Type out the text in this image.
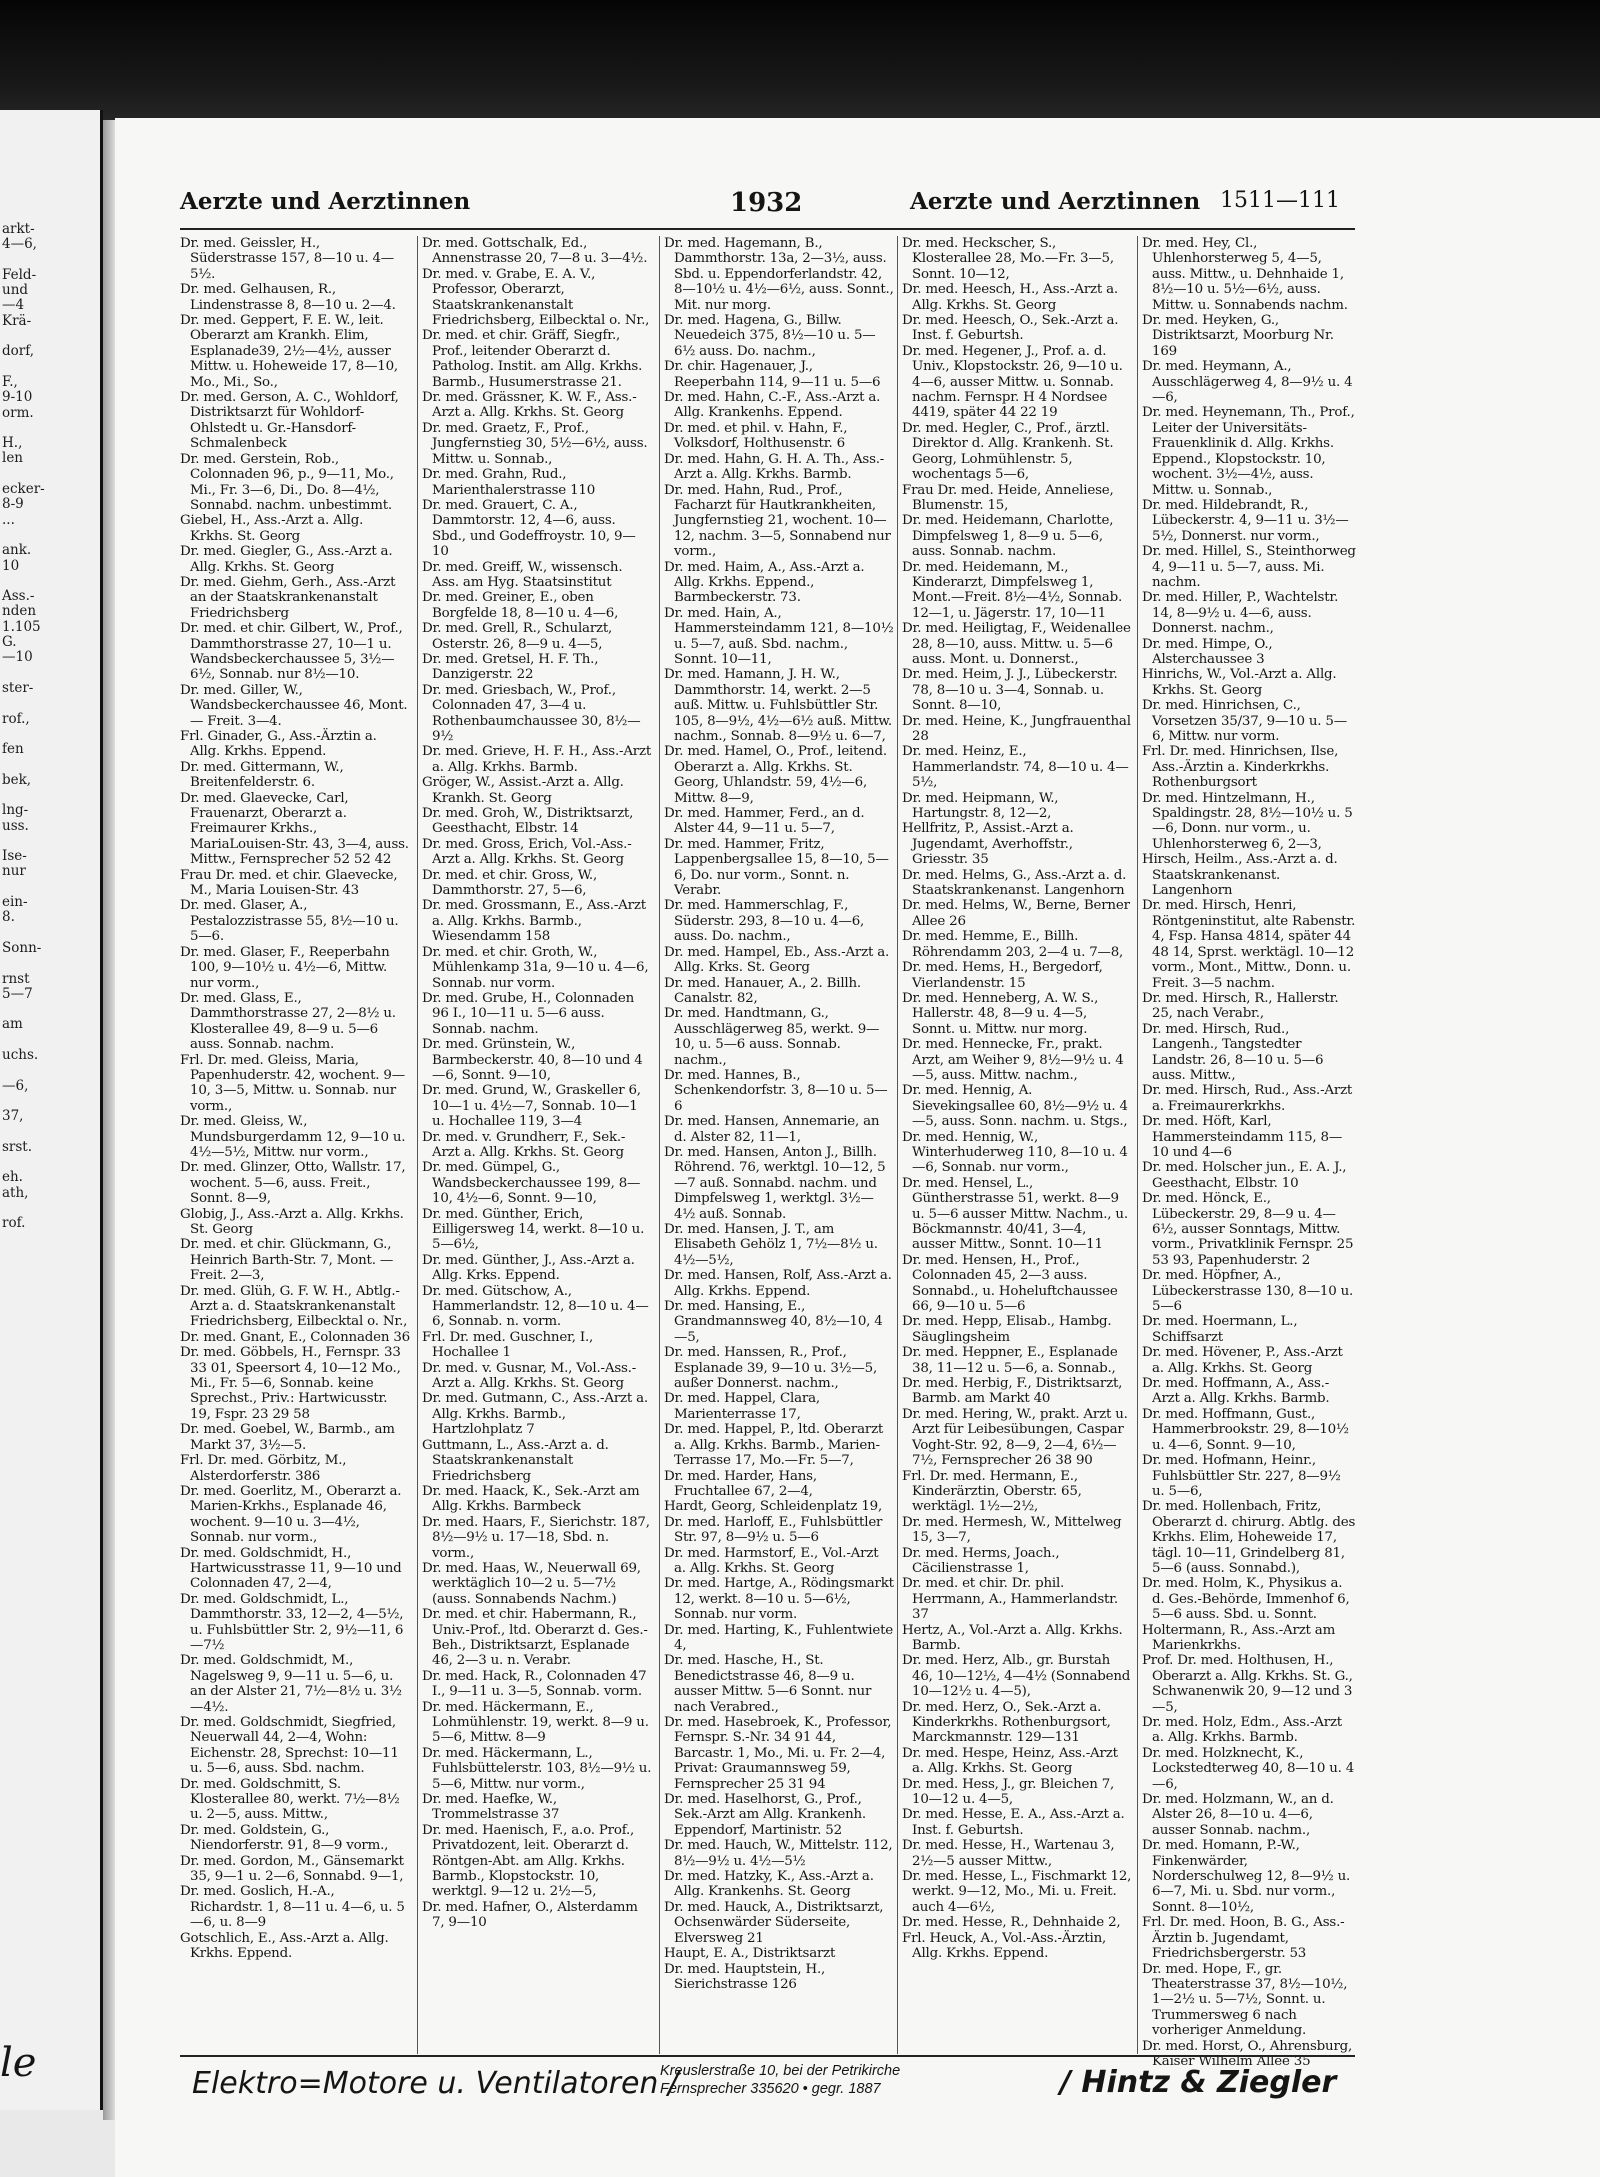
arkt-
4—6,

Feld-
und
—4
Krä-

dorf,

F.,
9-10
orm.

H.,
len

ecker-
8-9
...

ank.
10

Ass.-
nden
1.105
G.
—10

ster-

rof.,

fen

bek,

lng-
uss.

Ise-
nur

ein-
8.

Sonn-

rnst
5—7

am

uchs.

—6,

37,

srst.

eh.
ath,

rof.
le
Aerzte und Aerztinnen	1932	Aerzte und Aerztinnen 1511—111
Dr. med. Geissler, H., Süderstrasse 157, 8—10 u. 4—5½.
Dr. med. Gelhausen, R., Lindenstrasse 8, 8—10 u. 2—4.
Dr. med. Geppert, F. E. W., leit. Oberarzt am Krankh. Elim, Esplanade39, 2½—4½, ausser Mittw. u. Hoheweide 17, 8—10, Mo., Mi., So.,
Dr. med. Gerson, A. C., Wohldorf, Distriktsarzt für Wohldorf-Ohlstedt u. Gr.-Hansdorf-Schmalenbeck
Dr. med. Gerstein, Rob., Colonnaden 96, p., 9—11, Mo., Mi., Fr. 3—6, Di., Do. 8—4½, Sonnabd. nachm. unbestimmt.
Giebel, H., Ass.-Arzt a. Allg. Krkhs. St. Georg
Dr. med. Giegler, G., Ass.-Arzt a. Allg. Krkhs. St. Georg
Dr. med. Giehm, Gerh., Ass.-Arzt an der Staatskrankenanstalt Friedrichsberg
Dr. med. et chir. Gilbert, W., Prof., Dammthorstrasse 27, 10—1 u. Wandsbeckerchaussee 5, 3½—6½, Sonnab. nur 8½—10.
Dr. med. Giller, W., Wandsbeckerchaussee 46, Mont. — Freit. 3—4.
Frl. Ginader, G., Ass.-Ärztin a. Allg. Krkhs. Eppend.
Dr. med. Gittermann, W., Breitenfelderstr. 6.
Dr. med. Glaevecke, Carl, Frauenarzt, Oberarzt a. Freimaurer Krkhs., MariaLouisen-Str. 43, 3—4, auss. Mittw., Fernsprecher 52 52 42
Frau Dr. med. et chir. Glaevecke, M., Maria Louisen-Str. 43
Dr. med. Glaser, A., Pestalozzistrasse 55, 8½—10 u. 5—6.
Dr. med. Glaser, F., Reeperbahn 100, 9—10½ u. 4½—6, Mittw. nur vorm.,
Dr. med. Glass, E., Dammthorstrasse 27, 2—8½ u. Klosterallee 49, 8—9 u. 5—6 auss. Sonnab. nachm.
Frl. Dr. med. Gleiss, Maria, Papenhuderstr. 42, wochent. 9—10, 3—5, Mittw. u. Sonnab. nur vorm.,
Dr. med. Gleiss, W., Mundsburgerdamm 12, 9—10 u. 4½—5½, Mittw. nur vorm.,
Dr. med. Glinzer, Otto, Wallstr. 17, wochent. 5—6, auss. Freit., Sonnt. 8—9,
Globig, J., Ass.-Arzt a. Allg. Krkhs. St. Georg
Dr. med. et chir. Glückmann, G., Heinrich Barth-Str. 7, Mont. — Freit. 2—3,
Dr. med. Glüh, G. F. W. H., Abtlg.-Arzt a. d. Staatskrankenanstalt Friedrichsberg, Eilbecktal o. Nr.,
Dr. med. Gnant, E., Colonnaden 36
Dr. med. Göbbels, H., Fernspr. 33 33 01, Speersort 4, 10—12 Mo., Mi., Fr. 5—6, Sonnab. keine Sprechst., Priv.: Hartwicusstr. 19, Fspr. 23 29 58
Dr. med. Goebel, W., Barmb., am Markt 37, 3½—5.
Frl. Dr. med. Görbitz, M., Alsterdorferstr. 386
Dr. med. Goerlitz, M., Oberarzt a. Marien-Krkhs., Esplanade 46, wochent. 9—10 u. 3—4½, Sonnab. nur vorm.,
Dr. med. Goldschmidt, H., Hartwicusstrasse 11, 9—10 und Colonnaden 47, 2—4,
Dr. med. Goldschmidt, L., Dammthorstr. 33, 12—2, 4—5½, u. Fuhlsbüttler Str. 2, 9½—11, 6—7½
Dr. med. Goldschmidt, M., Nagelsweg 9, 9—11 u. 5—6, u. an der Alster 21, 7½—8½ u. 3½—4½.
Dr. med. Goldschmidt, Siegfried, Neuerwall 44, 2—4, Wohn: Eichenstr. 28, Sprechst: 10—11 u. 5—6, auss. Sbd. nachm.
Dr. med. Goldschmitt, S. Klosterallee 80, werkt. 7½—8½ u. 2—5, auss. Mittw.,
Dr. med. Goldstein, G., Niendorferstr. 91, 8—9 vorm.,
Dr. med. Gordon, M., Gänsemarkt 35, 9—1 u. 2—6, Sonnabd. 9—1,
Dr. med. Goslich, H.-A., Richardstr. 1, 8—11 u. 4—6, u. 5—6, u. 8—9
Gotschlich, E., Ass.-Arzt a. Allg. Krkhs. Eppend.
Dr. med. Gottschalk, Ed., Annenstrasse 20, 7—8 u. 3—4½.
Dr. med. v. Grabe, E. A. V., Professor, Oberarzt, Staatskrankenanstalt Friedrichsberg, Eilbecktal o. Nr.,
Dr. med. et chir. Gräff, Siegfr., Prof., leitender Oberarzt d. Patholog. Instit. am Allg. Krkhs. Barmb., Husumerstrasse 21.
Dr. med. Grässner, K. W. F., Ass.-Arzt a. Allg. Krkhs. St. Georg
Dr. med. Graetz, F., Prof., Jungfernstieg 30, 5½—6½, auss. Mittw. u. Sonnab.,
Dr. med. Grahn, Rud., Marienthalerstrasse 110
Dr. med. Grauert, C. A., Dammtorstr. 12, 4—6, auss. Sbd., und Godeffroystr. 10, 9—10
Dr. med. Greiff, W., wissensch. Ass. am Hyg. Staatsinstitut
Dr. med. Greiner, E., oben Borgfelde 18, 8—10 u. 4—6,
Dr. med. Grell, R., Schularzt, Osterstr. 26, 8—9 u. 4—5,
Dr. med. Gretsel, H. F. Th., Danzigerstr. 22
Dr. med. Griesbach, W., Prof., Colonnaden 47, 3—4 u. Rothenbaumchaussee 30, 8½—9½
Dr. med. Grieve, H. F. H., Ass.-Arzt a. Allg. Krkhs. Barmb.
Gröger, W., Assist.-Arzt a. Allg. Krankh. St. Georg
Dr. med. Groh, W., Distriktsarzt, Geesthacht, Elbstr. 14
Dr. med. Gross, Erich, Vol.-Ass.-Arzt a. Allg. Krkhs. St. Georg
Dr. med. et chir. Gross, W., Dammthorstr. 27, 5—6,
Dr. med. Grossmann, E., Ass.-Arzt a. Allg. Krkhs. Barmb., Wiesendamm 158
Dr. med. et chir. Groth, W., Mühlenkamp 31a, 9—10 u. 4—6, Sonnab. nur vorm.
Dr. med. Grube, H., Colonnaden 96 I., 10—11 u. 5—6 auss. Sonnab. nachm.
Dr. med. Grünstein, W., Barmbeckerstr. 40, 8—10 und 4—6, Sonnt. 9—10,
Dr. med. Grund, W., Graskeller 6, 10—1 u. 4½—7, Sonnab. 10—1 u. Hochallee 119, 3—4
Dr. med. v. Grundherr, F., Sek.-Arzt a. Allg. Krkhs. St. Georg
Dr. med. Gümpel, G., Wandsbeckerchaussee 199, 8—10, 4½—6, Sonnt. 9—10,
Dr. med. Günther, Erich, Eilligersweg 14, werkt. 8—10 u. 5—6½,
Dr. med. Günther, J., Ass.-Arzt a. Allg. Krks. Eppend.
Dr. med. Gütschow, A., Hammerlandstr. 12, 8—10 u. 4—6, Sonnab. n. vorm.
Frl. Dr. med. Guschner, I., Hochallee 1
Dr. med. v. Gusnar, M., Vol.-Ass.-Arzt a. Allg. Krkhs. St. Georg
Dr. med. Gutmann, C., Ass.-Arzt a. Allg. Krkhs. Barmb., Hartzlohplatz 7
Guttmann, L., Ass.-Arzt a. d. Staatskrankenanstalt Friedrichsberg
Dr. med. Haack, K., Sek.-Arzt am Allg. Krkhs. Barmbeck
Dr. med. Haars, F., Sierichstr. 187, 8½—9½ u. 17—18, Sbd. n. vorm.,
Dr. med. Haas, W., Neuerwall 69, werktäglich 10—2 u. 5—7½ (auss. Sonnabends Nachm.)
Dr. med. et chir. Habermann, R., Univ.-Prof., ltd. Oberarzt d. Ges.-Beh., Distriktsarzt, Esplanade 46, 2—3 u. n. Verabr.
Dr. med. Hack, R., Colonnaden 47 I., 9—11 u. 3—5, Sonnab. vorm.
Dr. med. Häckermann, E., Lohmühlenstr. 19, werkt. 8—9 u. 5—6, Mittw. 8—9
Dr. med. Häckermann, L., Fuhlsbüttelerstr. 103, 8½—9½ u. 5—6, Mittw. nur vorm.,
Dr. med. Haefke, W., Trommelstrasse 37
Dr. med. Haenisch, F., a.o. Prof., Privatdozent, leit. Oberarzt d. Röntgen-Abt. am Allg. Krkhs. Barmb., Klopstockstr. 10, werktgl. 9—12 u. 2½—5,
Dr. med. Hafner, O., Alsterdamm 7, 9—10
Dr. med. Hagemann, B., Dammthorstr. 13a, 2—3½, auss. Sbd. u. Eppendorferlandstr. 42, 8—10½ u. 4½—6½, auss. Sonnt., Mit. nur morg.
Dr. med. Hagena, G., Billw. Neuedeich 375, 8½—10 u. 5—6½ auss. Do. nachm.,
Dr. chir. Hagenauer, J., Reeperbahn 114, 9—11 u. 5—6
Dr. med. Hahn, C.-F., Ass.-Arzt a. Allg. Krankenhs. Eppend.
Dr. med. et phil. v. Hahn, F., Volksdorf, Holthusenstr. 6
Dr. med. Hahn, G. H. A. Th., Ass.-Arzt a. Allg. Krkhs. Barmb.
Dr. med. Hahn, Rud., Prof., Facharzt für Hautkrankheiten, Jungfernstieg 21, wochent. 10—12, nachm. 3—5, Sonnabend nur vorm.,
Dr. med. Haim, A., Ass.-Arzt a. Allg. Krkhs. Eppend., Barmbeckerstr. 73.
Dr. med. Hain, A., Hammersteindamm 121, 8—10½ u. 5—7, auß. Sbd. nachm., Sonnt. 10—11,
Dr. med. Hamann, J. H. W., Dammthorstr. 14, werkt. 2—5 auß. Mittw. u. Fuhlsbüttler Str. 105, 8—9½, 4½—6½ auß. Mittw. nachm., Sonnab. 8—9½ u. 6—7,
Dr. med. Hamel, O., Prof., leitend. Oberarzt a. Allg. Krkhs. St. Georg, Uhlandstr. 59, 4½—6, Mittw. 8—9,
Dr. med. Hammer, Ferd., an d. Alster 44, 9—11 u. 5—7,
Dr. med. Hammer, Fritz, Lappenbergsallee 15, 8—10, 5—6, Do. nur vorm., Sonnt. n. Verabr.
Dr. med. Hammerschlag, F., Süderstr. 293, 8—10 u. 4—6, auss. Do. nachm.,
Dr. med. Hampel, Eb., Ass.-Arzt a. Allg. Krks. St. Georg
Dr. med. Hanauer, A., 2. Billh. Canalstr. 82,
Dr. med. Handtmann, G., Ausschlägerweg 85, werkt. 9—10, u. 5—6 auss. Sonnab. nachm.,
Dr. med. Hannes, B., Schenkendorfstr. 3, 8—10 u. 5—6
Dr. med. Hansen, Annemarie, an d. Alster 82, 11—1,
Dr. med. Hansen, Anton J., Billh. Röhrend. 76, werktgl. 10—12, 5—7 auß. Sonnabd. nachm. und Dimpfelsweg 1, werktgl. 3½—4½ auß. Sonnab.
Dr. med. Hansen, J. T., am Elisabeth Gehölz 1, 7½—8½ u. 4½—5½,
Dr. med. Hansen, Rolf, Ass.-Arzt a. Allg. Krkhs. Eppend.
Dr. med. Hansing, E., Grandmannsweg 40, 8½—10, 4—5,
Dr. med. Hanssen, R., Prof., Esplanade 39, 9—10 u. 3½—5, außer Donnerst. nachm.,
Dr. med. Happel, Clara, Marienterrasse 17,
Dr. med. Happel, P., ltd. Oberarzt a. Allg. Krkhs. Barmb., Marien-Terrasse 17, Mo.—Fr. 5—7,
Dr. med. Harder, Hans, Fruchtallee 67, 2—4,
Hardt, Georg, Schleidenplatz 19,
Dr. med. Harloff, E., Fuhlsbüttler Str. 97, 8—9½ u. 5—6
Dr. med. Harmstorf, E., Vol.-Arzt a. Allg. Krkhs. St. Georg
Dr. med. Hartge, A., Rödingsmarkt 12, werkt. 8—10 u. 5—6½, Sonnab. nur vorm.
Dr. med. Harting, K., Fuhlentwiete 4,
Dr. med. Hasche, H., St. Benedictstrasse 46, 8—9 u. ausser Mittw. 5—6 Sonnt. nur nach Verabred.,
Dr. med. Hasebroek, K., Professor, Fernspr. S.-Nr. 34 91 44, Barcastr. 1, Mo., Mi. u. Fr. 2—4, Privat: Graumannsweg 59, Fernsprecher 25 31 94
Dr. med. Haselhorst, G., Prof., Sek.-Arzt am Allg. Krankenh. Eppendorf, Martinistr. 52
Dr. med. Hauch, W., Mittelstr. 112, 8½—9½ u. 4½—5½
Dr. med. Hatzky, K., Ass.-Arzt a. Allg. Krankenhs. St. Georg
Dr. med. Hauck, A., Distriktsarzt, Ochsenwärder Süderseite, Elversweg 21
Haupt, E. A., Distriktsarzt
Dr. med. Hauptstein, H., Sierichstrasse 126
Dr. med. Heckscher, S., Klosterallee 28, Mo.—Fr. 3—5, Sonnt. 10—12,
Dr. med. Heesch, H., Ass.-Arzt a. Allg. Krkhs. St. Georg
Dr. med. Heesch, O., Sek.-Arzt a. Inst. f. Geburtsh.
Dr. med. Hegener, J., Prof. a. d. Univ., Klopstockstr. 26, 9—10 u. 4—6, ausser Mittw. u. Sonnab. nachm. Fernspr. H 4 Nordsee 4419, später 44 22 19
Dr. med. Hegler, C., Prof., ärztl. Direktor d. Allg. Krankenh. St. Georg, Lohmühlenstr. 5, wochentags 5—6,
Frau Dr. med. Heide, Anneliese, Blumenstr. 15,
Dr. med. Heidemann, Charlotte, Dimpfelsweg 1, 8—9 u. 5—6, auss. Sonnab. nachm.
Dr. med. Heidemann, M., Kinderarzt, Dimpfelsweg 1, Mont.—Freit. 8½—4½, Sonnab. 12—1, u. Jägerstr. 17, 10—11
Dr. med. Heiligtag, F., Weidenallee 28, 8—10, auss. Mittw. u. 5—6 auss. Mont. u. Donnerst.,
Dr. med. Heim, J. J., Lübeckerstr. 78, 8—10 u. 3—4, Sonnab. u. Sonnt. 8—10,
Dr. med. Heine, K., Jungfrauenthal 28
Dr. med. Heinz, E., Hammerlandstr. 74, 8—10 u. 4—5½,
Dr. med. Heipmann, W., Hartungstr. 8, 12—2,
Hellfritz, P., Assist.-Arzt a. Jugendamt, Averhoffstr., Griesstr. 35
Dr. med. Helms, G., Ass.-Arzt a. d. Staatskrankenanst. Langenhorn
Dr. med. Helms, W., Berne, Berner Allee 26
Dr. med. Hemme, E., Billh. Röhrendamm 203, 2—4 u. 7—8,
Dr. med. Hems, H., Bergedorf, Vierlandenstr. 15
Dr. med. Henneberg, A. W. S., Hallerstr. 48, 8—9 u. 4—5, Sonnt. u. Mittw. nur morg.
Dr. med. Hennecke, Fr., prakt. Arzt, am Weiher 9, 8½—9½ u. 4—5, auss. Mittw. nachm.,
Dr. med. Hennig, A. Sievekingsallee 60, 8½—9½ u. 4—5, auss. Sonn. nachm. u. Stgs.,
Dr. med. Hennig, W., Winterhuderweg 110, 8—10 u. 4—6, Sonnab. nur vorm.,
Dr. med. Hensel, L., Güntherstrasse 51, werkt. 8—9 u. 5—6 ausser Mittw. Nachm., u. Böckmannstr. 40/41, 3—4, ausser Mittw., Sonnt. 10—11
Dr. med. Hensen, H., Prof., Colonnaden 45, 2—3 auss. Sonnabd., u. Hoheluftchaussee 66, 9—10 u. 5—6
Dr. med. Hepp, Elisab., Hambg. Säuglingsheim
Dr. med. Heppner, E., Esplanade 38, 11—12 u. 5—6, a. Sonnab.,
Dr. med. Herbig, F., Distriktsarzt, Barmb. am Markt 40
Dr. med. Hering, W., prakt. Arzt u. Arzt für Leibesübungen, Caspar Voght-Str. 92, 8—9, 2—4, 6½—7½, Fernsprecher 26 38 90
Frl. Dr. med. Hermann, E., Kinderärztin, Oberstr. 65, werktägl. 1½—2½,
Dr. med. Hermesh, W., Mittelweg 15, 3—7,
Dr. med. Herms, Joach., Cäcilienstrasse 1,
Dr. med. et chir. Dr. phil. Herrmann, A., Hammerlandstr. 37
Hertz, A., Vol.-Arzt a. Allg. Krkhs. Barmb.
Dr. med. Herz, Alb., gr. Burstah 46, 10—12½, 4—4½ (Sonnabend 10—12½ u. 4—5),
Dr. med. Herz, O., Sek.-Arzt a. Kinderkrkhs. Rothenburgsort, Marckmannstr. 129—131
Dr. med. Hespe, Heinz, Ass.-Arzt a. Allg. Krkhs. St. Georg
Dr. med. Hess, J., gr. Bleichen 7, 10—12 u. 4—5,
Dr. med. Hesse, E. A., Ass.-Arzt a. Inst. f. Geburtsh.
Dr. med. Hesse, H., Wartenau 3, 2½—5 ausser Mittw.,
Dr. med. Hesse, L., Fischmarkt 12, werkt. 9—12, Mo., Mi. u. Freit. auch 4—6½,
Dr. med. Hesse, R., Dehnhaide 2,
Frl. Heuck, A., Vol.-Ass.-Ärztin, Allg. Krkhs. Eppend.
Dr. med. Hey, Cl., Uhlenhorsterweg 5, 4—5, auss. Mittw., u. Dehnhaide 1, 8½—10 u. 5½—6½, auss. Mittw. u. Sonnabends nachm.
Dr. med. Heyken, G., Distriktsarzt, Moorburg Nr. 169
Dr. med. Heymann, A., Ausschlägerweg 4, 8—9½ u. 4—6,
Dr. med. Heynemann, Th., Prof., Leiter der Universitäts-Frauenklinik d. Allg. Krkhs. Eppend., Klopstockstr. 10, wochent. 3½—4½, auss. Mittw. u. Sonnab.,
Dr. med. Hildebrandt, R., Lübeckerstr. 4, 9—11 u. 3½—5½, Donnerst. nur vorm.,
Dr. med. Hillel, S., Steinthorweg 4, 9—11 u. 5—7, auss. Mi. nachm.
Dr. med. Hiller, P., Wachtelstr. 14, 8—9½ u. 4—6, auss. Donnerst. nachm.,
Dr. med. Himpe, O., Alsterchaussee 3
Hinrichs, W., Vol.-Arzt a. Allg. Krkhs. St. Georg
Dr. med. Hinrichsen, C., Vorsetzen 35/37, 9—10 u. 5—6, Mittw. nur vorm.
Frl. Dr. med. Hinrichsen, Ilse, Ass.-Ärztin a. Kinderkrkhs. Rothenburgsort
Dr. med. Hintzelmann, H., Spaldingstr. 28, 8½—10½ u. 5—6, Donn. nur vorm., u. Uhlenhorsterweg 6, 2—3,
Hirsch, Heilm., Ass.-Arzt a. d. Staatskrankenanst. Langenhorn
Dr. med. Hirsch, Henri, Röntgeninstitut, alte Rabenstr. 4, Fsp. Hansa 4814, später 44 48 14, Sprst. werktägl. 10—12 vorm., Mont., Mittw., Donn. u. Freit. 3—5 nachm.
Dr. med. Hirsch, R., Hallerstr. 25, nach Verabr.,
Dr. med. Hirsch, Rud., Langenh., Tangstedter Landstr. 26, 8—10 u. 5—6 auss. Mittw.,
Dr. med. Hirsch, Rud., Ass.-Arzt a. Freimaurerkrkhs.
Dr. med. Höft, Karl, Hammersteindamm 115, 8—10 und 4—6
Dr. med. Holscher jun., E. A. J., Geesthacht, Elbstr. 10
Dr. med. Hönck, E., Lübeckerstr. 29, 8—9 u. 4—6½, ausser Sonntags, Mittw. vorm., Privatklinik Fernspr. 25 53 93, Papenhuderstr. 2
Dr. med. Höpfner, A., Lübeckerstrasse 130, 8—10 u. 5—6
Dr. med. Hoermann, L., Schiffsarzt
Dr. med. Hövener, P., Ass.-Arzt a. Allg. Krkhs. St. Georg
Dr. med. Hoffmann, A., Ass.-Arzt a. Allg. Krkhs. Barmb.
Dr. med. Hoffmann, Gust., Hammerbrookstr. 29, 8—10½ u. 4—6, Sonnt. 9—10,
Dr. med. Hofmann, Heinr., Fuhlsbüttler Str. 227, 8—9½ u. 5—6,
Dr. med. Hollenbach, Fritz, Oberarzt d. chirurg. Abtlg. des Krkhs. Elim, Hoheweide 17, tägl. 10—11, Grindelberg 81, 5—6 (auss. Sonnabd.),
Dr. med. Holm, K., Physikus a. d. Ges.-Behörde, Immenhof 6, 5—6 auss. Sbd. u. Sonnt.
Holtermann, R., Ass.-Arzt am Marienkrkhs.
Prof. Dr. med. Holthusen, H., Oberarzt a. Allg. Krkhs. St. G., Schwanenwik 20, 9—12 und 3—5,
Dr. med. Holz, Edm., Ass.-Arzt a. Allg. Krkhs. Barmb.
Dr. med. Holzknecht, K., Lockstedterweg 40, 8—10 u. 4—6,
Dr. med. Holzmann, W., an d. Alster 26, 8—10 u. 4—6, ausser Sonnab. nachm.,
Dr. med. Homann, P.-W., Finkenwärder, Norderschulweg 12, 8—9½ u. 6—7, Mi. u. Sbd. nur vorm., Sonnt. 8—10½,
Frl. Dr. med. Hoon, B. G., Ass.-Ärztin b. Jugendamt, Friedrichsbergerstr. 53
Dr. med. Hope, F., gr. Theaterstrasse 37, 8½—10½, 1—2½ u. 5—7½, Sonnt. u. Trummersweg 6 nach vorheriger Anmeldung.
Dr. med. Horst, O., Ahrensburg, Kaiser Wilhelm Allee 35
Elektro=Motore u. Ventilatoren /
Kreuslerstraße 10, bei der Petrikirche
Fernsprecher 335620 • gegr. 1887	/ Hintz & Ziegler
